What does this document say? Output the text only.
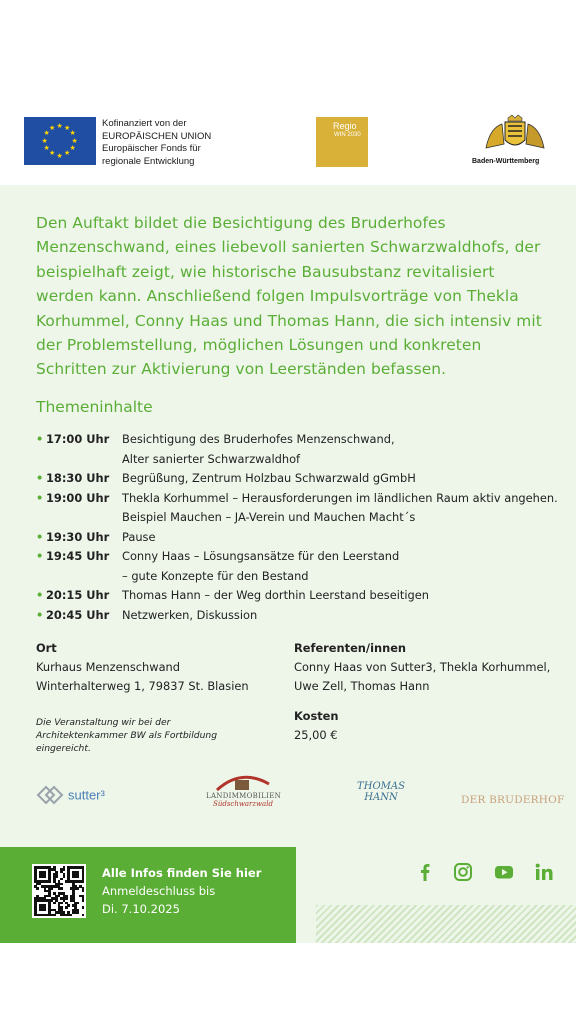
★ ★
★
★
★
★
★
★
★
★
★
★	Kofinanziert von der
EUROPÄISCHEN UNION
Europäischer Fonds für
regionale Entwicklung
Regio
WIN 2030
Baden-Württemberg
Den Auftakt bildet die Besichtigung des Bruderhofes Menzenschwand, eines liebevoll sanierten Schwarzwaldhofs, der beispielhaft zeigt, wie historische Bausubstanz revitalisiert werden kann. Anschließend folgen Impulsvorträge von Thekla Korhummel, Conny Haas und Thomas Hann, die sich intensiv mit der Problemstellung, möglichen Lösungen und konkreten Schritten zur Aktivierung von Leerständen befassen.
Themeninhalte
• 17:00 Uhr Besichtigung des Bruderhofes Menzenschwand,
Alter sanierter Schwarzwaldhof
• 18:30 Uhr Begrüßung, Zentrum Holzbau Schwarzwald gGmbH
• 19:00 Uhr Thekla Korhummel – Herausforderungen im ländlichen Raum aktiv angehen.
Beispiel Mauchen – JA-Verein und Mauchen Macht´s
• 19:30 Uhr Pause
• 19:45 Uhr Conny Haas – Lösungsansätze für den Leerstand
– gute Konzepte für den Bestand
• 20:15 Uhr Thomas Hann – der Weg dorthin Leerstand beseitigen
• 20:45 Uhr Netzwerken, Diskussion
Ort
Kurhaus Menzenschwand
Winterhalterweg 1, 79837 St. Blasien
Referenten/innen
Conny Haas von Sutter3, Thekla Korhummel,
Uwe Zell, Thomas Hann
Kosten
25,00 €
Die Veranstaltung wir bei der Architektenkammer BW als Fortbildung eingereicht.
sutter³	LANDIMMOBILIEN
Südschwarzwald
THOMAS
HANN	DER BRUDERHOF
Alle Infos finden Sie hier
Anmeldeschluss bis
Di. 7.10.2025
